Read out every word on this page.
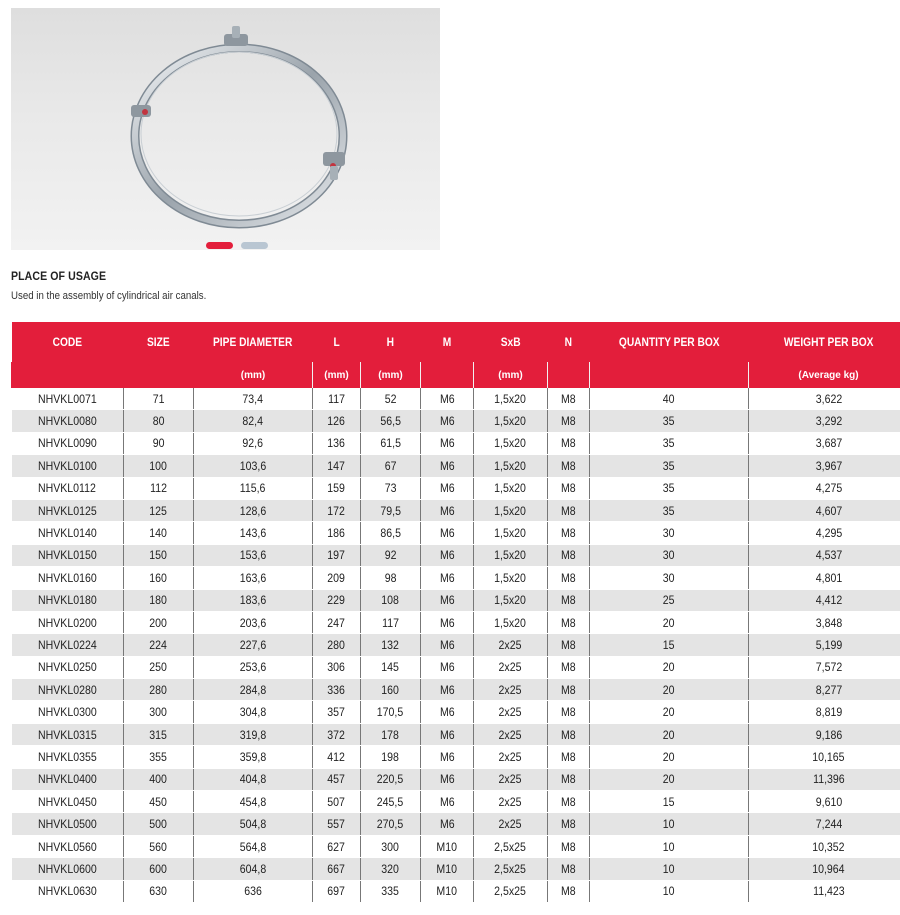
PLACE OF USAGE
Used in the assembly of cylindrical air canals.
CODE	SIZE	PIPE DIAMETER	L	H	M	SxB	N	QUANTITY PER BOX	WEIGHT PER BOX
		(mm)	(mm)	(mm)		(mm)			(Average kg)
NHVKL0071	71	73,4	117	52	M6	1,5x20	M8	40	3,622
NHVKL0080	80	82,4	126	56,5	M6	1,5x20	M8	35	3,292
NHVKL0090	90	92,6	136	61,5	M6	1,5x20	M8	35	3,687
NHVKL0100	100	103,6	147	67	M6	1,5x20	M8	35	3,967
NHVKL0112	112	115,6	159	73	M6	1,5x20	M8	35	4,275
NHVKL0125	125	128,6	172	79,5	M6	1,5x20	M8	35	4,607
NHVKL0140	140	143,6	186	86,5	M6	1,5x20	M8	30	4,295
NHVKL0150	150	153,6	197	92	M6	1,5x20	M8	30	4,537
NHVKL0160	160	163,6	209	98	M6	1,5x20	M8	30	4,801
NHVKL0180	180	183,6	229	108	M6	1,5x20	M8	25	4,412
NHVKL0200	200	203,6	247	117	M6	1,5x20	M8	20	3,848
NHVKL0224	224	227,6	280	132	M6	2x25	M8	15	5,199
NHVKL0250	250	253,6	306	145	M6	2x25	M8	20	7,572
NHVKL0280	280	284,8	336	160	M6	2x25	M8	20	8,277
NHVKL0300	300	304,8	357	170,5	M6	2x25	M8	20	8,819
NHVKL0315	315	319,8	372	178	M6	2x25	M8	20	9,186
NHVKL0355	355	359,8	412	198	M6	2x25	M8	20	10,165
NHVKL0400	400	404,8	457	220,5	M6	2x25	M8	20	11,396
NHVKL0450	450	454,8	507	245,5	M6	2x25	M8	15	9,610
NHVKL0500	500	504,8	557	270,5	M6	2x25	M8	10	7,244
NHVKL0560	560	564,8	627	300	M10	2,5x25	M8	10	10,352
NHVKL0600	600	604,8	667	320	M10	2,5x25	M8	10	10,964
NHVKL0630	630	636	697	335	M10	2,5x25	M8	10	11,423
